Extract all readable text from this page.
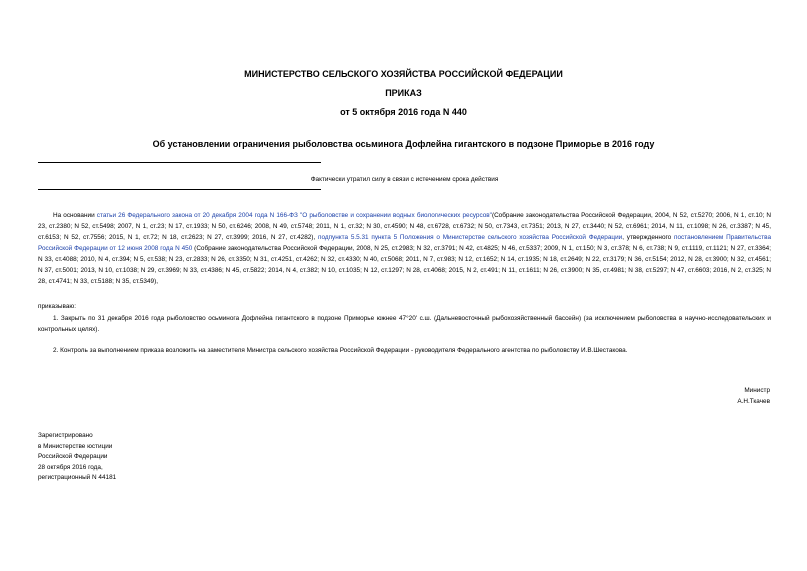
МИНИСТЕРСТВО СЕЛЬСКОГО ХОЗЯЙСТВА РОССИЙСКОЙ ФЕДЕРАЦИИ
ПРИКАЗ
от 5 октября 2016 года N 440
Об установлении ограничения рыболовства осьминога Дофлейна гигантского в подзоне Приморье в 2016 году
Фактически утратил силу в связи с истечением срока действия

На основании статьи 26 Федерального закона от 20 декабря 2004 года N 166-ФЗ "О рыболовстве и сохранении водных биологических ресурсов"(Собрание законодательства Российской Федерации, 2004, N 52, ст.5270; 2006, N 1, ст.10; N 23, ст.2380; N 52, ст.5498; 2007, N 1, ст.23; N 17, ст.1933; N 50, ст.6246; 2008, N 49, ст.5748; 2011, N 1, ст.32; N 30, ст.4590; N 48, ст.6728, ст.6732; N 50, ст.7343, ст.7351; 2013, N 27, ст.3440; N 52, ст.6961; 2014, N 11, ст.1098; N 26, ст.3387; N 45, ст.6153; N 52, ст.7556; 2015, N 1, ст.72; N 18, ст.2623; N 27, ст.3999; 2016, N 27, ст.4282), подпункта 5.5.31 пункта 5 Положения о Министерстве сельского хозяйства Российской Федерации, утвержденного постановлением Правительства Российской Федерации от 12 июня 2008 года N 450 (Собрание законодательства Российской Федерации, 2008, N 25, ст.2983; N 32, ст.3791; N 42, ст.4825; N 46, ст.5337; 2009, N 1, ст.150; N 3, ст.378; N 6, ст.738; N 9, ст.1119, ст.1121; N 27, ст.3364; N 33, ст.4088; 2010, N 4, ст.394; N 5, ст.538; N 23, ст.2833; N 26, ст.3350; N 31, ст.4251, ст.4262; N 32, ст.4330; N 40, ст.5068; 2011, N 7, ст.983; N 12, ст.1652; N 14, ст.1935; N 18, ст.2649; N 22, ст.3179; N 36, ст.5154; 2012, N 28, ст.3900; N 32, ст.4561; N 37, ст.5001; 2013, N 10, ст.1038; N 29, ст.3969; N 33, ст.4386; N 45, ст.5822; 2014, N 4, ст.382; N 10, ст.1035; N 12, ст.1297; N 28, ст.4068; 2015, N 2, ст.491; N 11, ст.1611; N 26, ст.3900; N 35, ст.4981; N 38, ст.5297; N 47, ст.6603; 2016, N 2, ст.325; N 28, ст.4741; N 33, ст.5188; N 35, ст.5349),

приказываю:

1. Закрыть по 31 декабря 2016 года рыболовство осьминога Дофлейна гигантского в подзоне Приморье южнее 47°20' с.ш. (Дальневосточный рыбохозяйственный бассейн) (за исключением рыболовства в научно-исследовательских и контрольных целях).

2. Контроль за выполнением приказа возложить на заместителя Министра сельского хозяйства Российской Федерации - руководителя Федерального агентства по рыболовству И.В.Шестакова.

Министр
А.Н.Ткачев
Зарегистрировано
в Министерстве юстиции
Российской Федерации
28 октября 2016 года,
регистрационный N 44181
